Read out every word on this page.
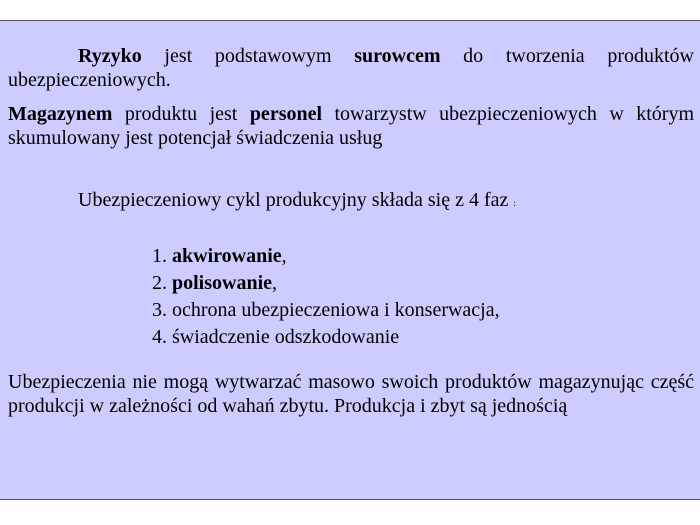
Ryzyko jest podstawowym surowcem do tworzenia produktów ubezpieczeniowych.

Magazynem produktu jest personel towarzystw ubezpieczeniowych w którym skumulowany jest potencjał świadczenia usług

Ubezpieczeniowy cykl produkcyjny składa się z 4 faz :

1. akwirowanie,
2. polisowanie,
3. ochrona ubezpieczeniowa i konserwacja,
4. świadczenie odszkodowanie

Ubezpieczenia nie mogą wytwarzać masowo swoich produktów magazynując część produkcji w zależności od wahań zbytu. Produkcja i zbyt są jednością
